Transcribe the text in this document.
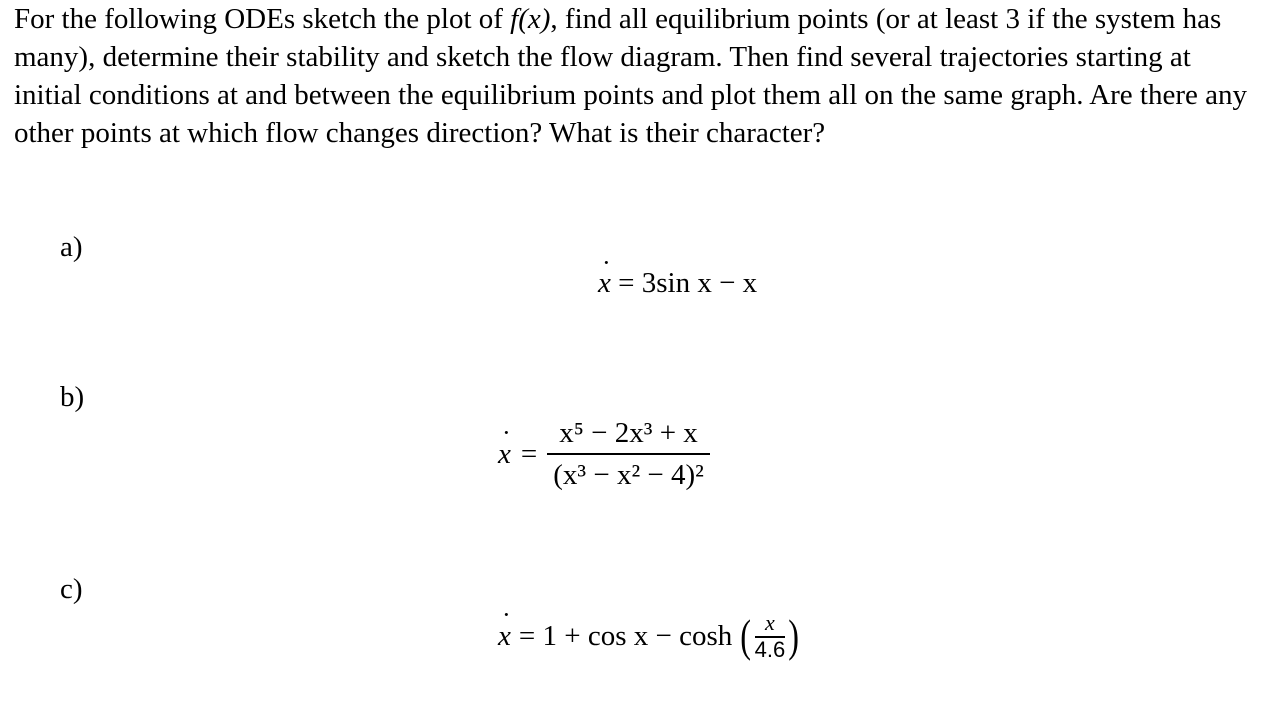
For the following ODEs sketch the plot of f(x), find all equilibrium points (or at least 3 if the system has many), determine their stability and sketch the flow diagram. Then find several trajectories starting at initial conditions at and between the equilibrium points and plot them all on the same graph. Are there any other points at which flow changes direction? What is their character?

a)
x ˙ = 3sin x − x
b)
x ˙ = $\frac{\text{x⁵ − 2x³ + x}}{\text{(x³ − x² − 4)²}}$
c)
x ˙ = 1 + cos x − cosh ( $\frac{x}{4.6}$ )
